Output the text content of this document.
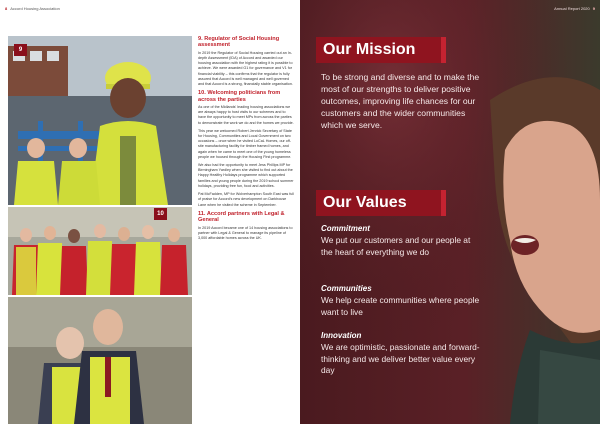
8 Accord Housing Association
9
10
9. Regulator of Social Housing assessment

In 2019 the Regulator of Social Housing carried out an In-depth Assessment (IDA) of Accord and awarded our housing association with the highest rating it is possible to achieve. We were awarded G1 for governance and V1 for financial viability – this confirms that the regulator is fully assured that Accord is well managed and well governed and that Accord is a strong, financially stable organisation.

10. Welcoming politicians from across the parties

As one of the Midlands' leading housing associations we are always happy to host visits to our schemes and to have the opportunity to meet MPs from across the parties to demonstrate the work we do and the homes we provide.

This year we welcomed Robert Jenrick Secretary of State for Housing, Communities and Local Government on two occasions – once when he visited LoCaL Homes, our off-site manufacturing facility for timber framed homes, and again when he came to meet one of the young homeless people we housed through the Housing First programme.

We also had the opportunity to meet Jess Phillips MP for Birmingham Yardley when she visited to find out about the Happy Healthy Holidays programme which supported families and young people during the 2019 school summer holidays, providing free fun, food and activities.

Pat McFadden, MP for Wolverhampton South East was full of praise for Accord's new development on Darkhouse Lane when he visited the scheme in September.

11. Accord partners with Legal & General

In 2019 Accord became one of 14 housing associations to partner with Legal & General to manage its pipeline of 3,000 affordable homes across the UK.

Annual Report 2020 9
Our Mission

To be strong and diverse and to make the most of our strengths to deliver positive outcomes, improving life chances for our customers and the wider communities which we serve.

Our Values
Commitment
We put our customers and our people at the heart of everything we do
Communities
We help create communities where people want to live
Innovation
We are optimistic, passionate and forward-thinking and we deliver better value every day
